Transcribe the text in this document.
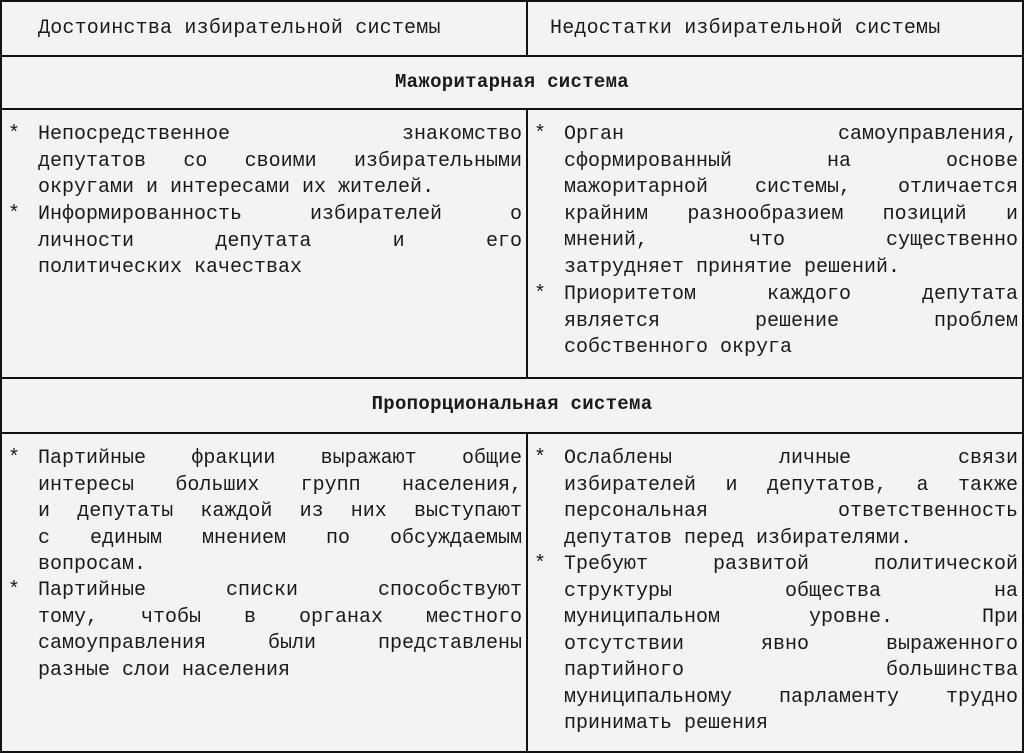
Достоинства избирательной системы	Недостатки избирательной системы
Мажоритарная система
* Непосредственное знакомство
депутатов со своими избирательными
округами и интересами их жителей.
* Информированность избирателей о
личности депутата и его
политических качествах
* Орган самоуправления,
сформированный на основе
мажоритарной системы, отличается
крайним разнообразием позиций и
мнений, что существенно
затрудняет принятие решений.
* Приоритетом каждого депутата
является решение проблем
собственного округа
Пропорциональная система
* Партийные фракции выражают общие
интересы больших групп населения,
и депутаты каждой из них выступают
с единым мнением по обсуждаемым
вопросам.
* Партийные списки способствуют
тому, чтобы в органах местного
самоуправления были представлены
разные слои населения
* Ослаблены личные связи
избирателей и депутатов, а также
персональная ответственность
депутатов перед избирателями.
* Требуют развитой политической
структуры общества на
муниципальном уровне. При
отсутствии явно выраженного
партийного большинства
муниципальному парламенту трудно
принимать решения
